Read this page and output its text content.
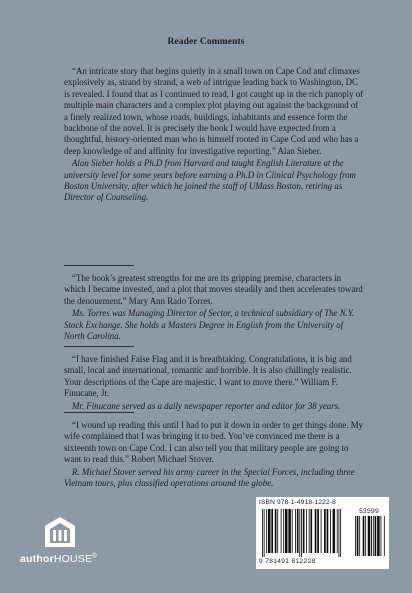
Reader Comments

“An intricate story that begins quietly in a small town on Cape Cod and climaxes explosively as, strand by strand, a web of intrigue leading back to Washington, DC is revealed. I found that as I continued to read, I got caught up in the rich panoply of multiple main characters and a complex plot playing out against the background of a finely realized town, whose roads, buildings, inhabitants and essence form the backbone of the novel. It is precisely the book I would have expected from a thoughtful, history-oriented man who is himself rooted in Cape Cod and who has a deep knowledge of and affinity for investigative reporting.” Alan Sieber.

Alan Sieber holds a Ph.D from Harvard and taught English Literature at the university level for some years before earning a Ph.D in Clinical Psychology from Boston University, after which he joined the staff of UMass Boston, retiring as Director of Counseling.

“The book’s greatest strengths for me are its gripping premise, characters in which I became invested, and a plot that moves steadily and then accelerates toward the denouement.” Mary Ann Rado Torres.

Ms. Torres was Managing Director of Sector, a technical subsidiary of The N.Y. Stock Exchange. She holds a Masters Degree in English from the University of North Carolina.

“I have finished False Flag and it is breathtaking. Congratulations, it is big and small, local and international, romantic and horrible. It is also chillingly realistic. Your descriptions of the Cape are majestic. I want to move there.” William F. Finucane, Jr.

Mr. Finucane served as a daily newspaper reporter and editor for 38 years.

“I wound up reading this until I had to put it down in order to get things done. My wife complained that I was bringing it to bed. You’ve convinced me there is a sixteenth town on Cape Cod. I can also tell you that military people are going to want to read this.” Robert Michael Stover.

R. Michael Stover served his army career in the Special Forces, including three Vietnam tours, plus classified operations around the globe.

authorHOUSE®
ISBN 978-1-4918-1222-8
53599
9 781491 812228
